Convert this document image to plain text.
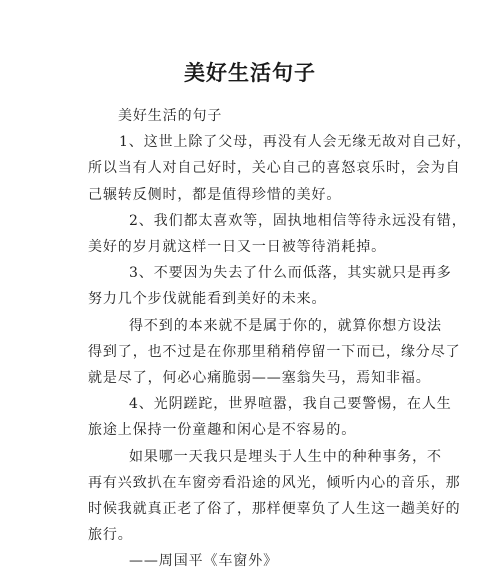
美好生活句子
美好生活的句子
1、这世上除了父母，再没有人会无缘无故对自己好，
所以当有人对自己好时，关心自己的喜怒哀乐时，会为自
己辗转反侧时，都是值得珍惜的美好。
2、我们都太喜欢等，固执地相信等待永远没有错，
美好的岁月就这样一日又一日被等待消耗掉。
3、不要因为失去了什么而低落，其实就只是再多
努力几个步伐就能看到美好的未来。
得不到的本来就不是属于你的，就算你想方设法
得到了，也不过是在你那里稍稍停留一下而已，缘分尽了
就是尽了，何必心痛脆弱——塞翁失马，焉知非福。
4、光阴蹉跎，世界喧嚣，我自己要警惕，在人生
旅途上保持一份童趣和闲心是不容易的。
如果哪一天我只是埋头于人生中的种种事务，不
再有兴致扒在车窗旁看沿途的风光，倾听内心的音乐，那
时候我就真正老了俗了，那样便辜负了人生这一趟美好的
旅行。
——周国平《车窗外》
